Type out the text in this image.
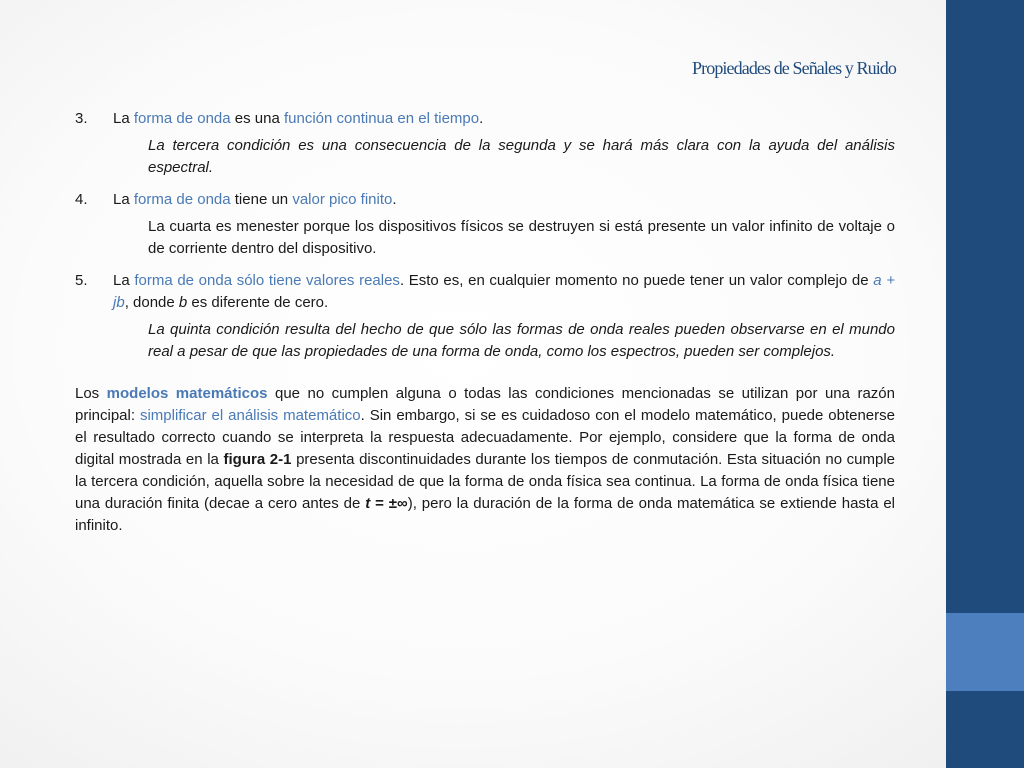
Propiedades de Señales y Ruido
3. La forma de onda es una función continua en el tiempo.
La tercera condición es una consecuencia de la segunda y se hará más clara con la ayuda del análisis espectral.
4. La forma de onda tiene un valor pico finito.
La cuarta es menester porque los dispositivos físicos se destruyen si está presente un valor infinito de voltaje o de corriente dentro del dispositivo.
5. La forma de onda sólo tiene valores reales. Esto es, en cualquier momento no puede tener un valor complejo de a + jb, donde b es diferente de cero.
La quinta condición resulta del hecho de que sólo las formas de onda reales pueden observarse en el mundo real a pesar de que las propiedades de una forma de onda, como los espectros, pueden ser complejos.
Los modelos matemáticos que no cumplen alguna o todas las condiciones mencionadas se utilizan por una razón principal: simplificar el análisis matemático. Sin embargo, si se es cuidadoso con el modelo matemático, puede obtenerse el resultado correcto cuando se interpreta la respuesta adecuadamente. Por ejemplo, considere que la forma de onda digital mostrada en la figura 2-1 presenta discontinuidades durante los tiempos de conmutación. Esta situación no cumple la tercera condición, aquella sobre la necesidad de que la forma de onda física sea continua. La forma de onda física tiene una duración finita (decae a cero antes de t = ±∞), pero la duración de la forma de onda matemática se extiende hasta el infinito.
